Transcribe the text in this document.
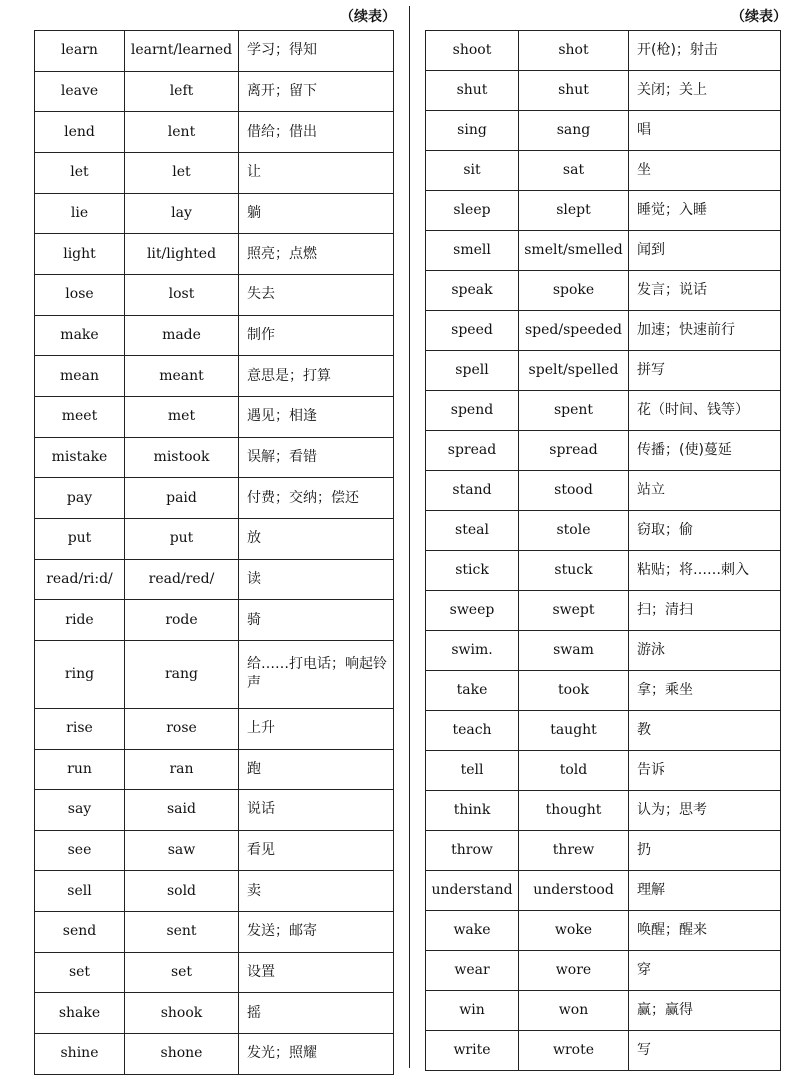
（续表）	（续表）
learn	learnt/learned	学习；得知
leave	left	离开；留下
lend	lent	借给；借出
let	let	让
lie	lay	躺
light	lit/lighted	照亮；点燃
lose	lost	失去
make	made	制作
mean	meant	意思是；打算
meet	met	遇见；相逢
mistake	mistook	误解；看错
pay	paid	付费；交纳；偿还
put	put	放
read/ri:d/	read/red/	读
ride	rode	骑
ring	rang	给……打电话；响起铃声
rise	rose	上升
run	ran	跑
say	said	说话
see	saw	看见
sell	sold	卖
send	sent	发送；邮寄
set	set	设置
shake	shook	摇
shine	shone	发光；照耀
shoot	shot	开(枪)；射击
shut	shut	关闭；关上
sing	sang	唱
sit	sat	坐
sleep	slept	睡觉；入睡
smell	smelt/smelled	闻到
speak	spoke	发言；说话
speed	sped/speeded	加速；快速前行
spell	spelt/spelled	拼写
spend	spent	花（时间、钱等）
spread	spread	传播；(使)蔓延
stand	stood	站立
steal	stole	窃取；偷
stick	stuck	粘贴；将……刺入
sweep	swept	扫；清扫
swim.	swam	游泳
take	took	拿；乘坐
teach	taught	教
tell	told	告诉
think	thought	认为；思考
throw	threw	扔
understand	understood	理解
wake	woke	唤醒；醒来
wear	wore	穿
win	won	赢；赢得
write	wrote	写
